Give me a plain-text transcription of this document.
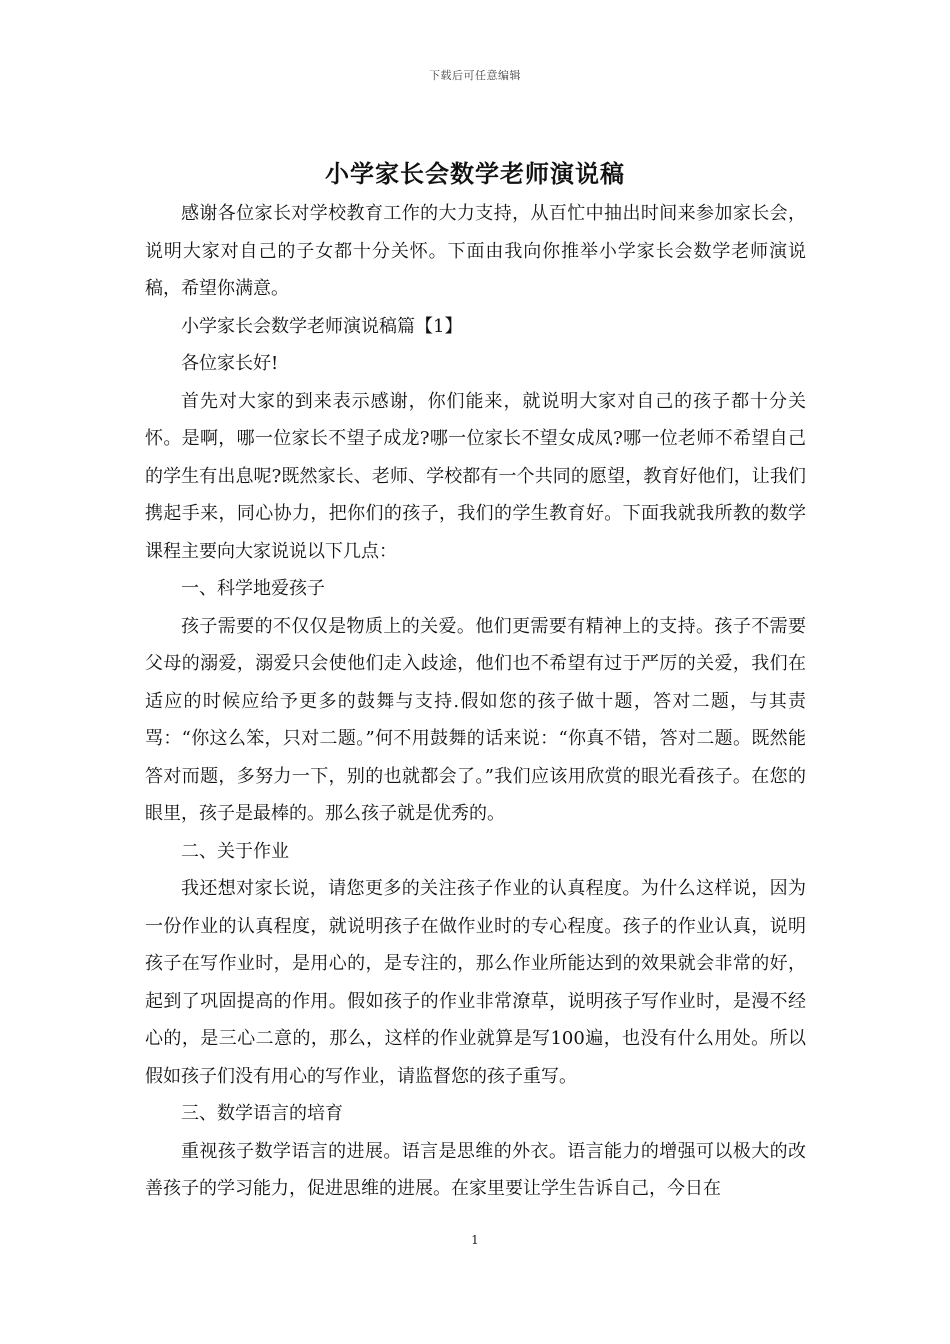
下载后可任意编辑
小学家长会数学老师演说稿

感谢各位家长对学校教育工作的大力支持，从百忙中抽出时间来参加家长会，说明大家对自己的子女都十分关怀。下面由我向你推举小学家长会数学老师演说稿，希望你满意。

小学家长会数学老师演说稿篇【1】

各位家长好!

首先对大家的到来表示感谢，你们能来，就说明大家对自己的孩子都十分关怀。是啊，哪一位家长不望子成龙?哪一位家长不望女成凤?哪一位老师不希望自己的学生有出息呢?既然家长、老师、学校都有一个共同的愿望，教育好他们，让我们携起手来，同心协力，把你们的孩子，我们的学生教育好。下面我就我所教的数学课程主要向大家说说以下几点：

一、科学地爱孩子

孩子需要的不仅仅是物质上的关爱。他们更需要有精神上的支持。孩子不需要父母的溺爱，溺爱只会使他们走入歧途，他们也不希望有过于严厉的关爱，我们在适应的时候应给予更多的鼓舞与支持.假如您的孩子做十题，答对二题，与其责骂：“你这么笨，只对二题。”何不用鼓舞的话来说：“你真不错，答对二题。既然能答对而题，多努力一下，别的也就都会了。”我们应该用欣赏的眼光看孩子。在您的眼里，孩子是最棒的。那么孩子就是优秀的。

二、关于作业

我还想对家长说，请您更多的关注孩子作业的认真程度。为什么这样说，因为一份作业的认真程度，就说明孩子在做作业时的专心程度。孩子的作业认真，说明孩子在写作业时，是用心的，是专注的，那么作业所能达到的效果就会非常的好，起到了巩固提高的作用。假如孩子的作业非常潦草，说明孩子写作业时，是漫不经心的，是三心二意的，那么，这样的作业就算是写100遍，也没有什么用处。所以假如孩子们没有用心的写作业，请监督您的孩子重写。

三、数学语言的培育

重视孩子数学语言的进展。语言是思维的外衣。语言能力的增强可以极大的改善孩子的学习能力，促进思维的进展。在家里要让学生告诉自己，今日在

1
